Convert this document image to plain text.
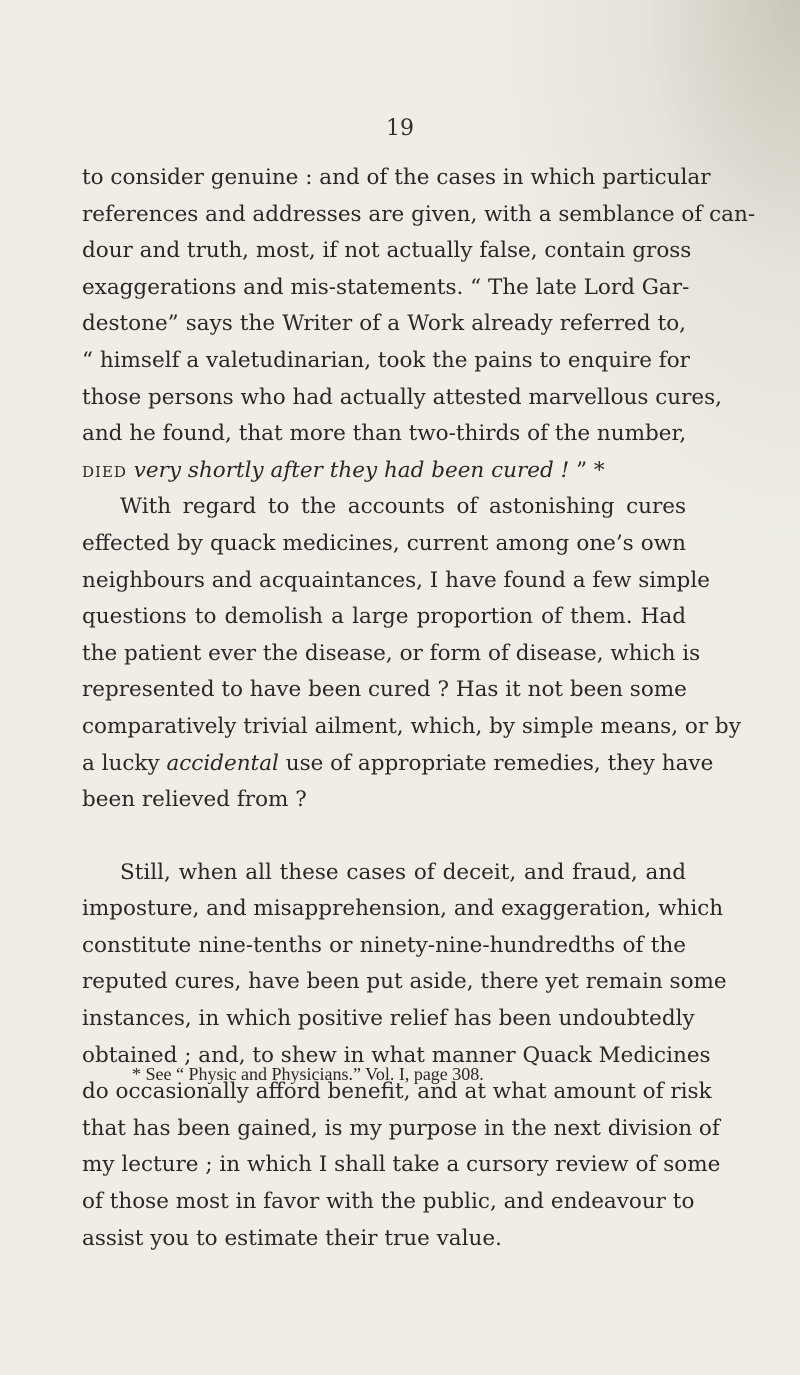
19
to consider genuine : and of the cases in which particular
references and addresses are given, with a semblance of can-
dour and truth, most, if not actually false, contain gross
exaggerations and mis-statements. “ The late Lord Gar-
destone” says the Writer of a Work already referred to,
“ himself a valetudinarian, took the pains to enquire for
those persons who had actually attested marvellous cures,
and he found, that more than two-thirds of the number,
died very shortly after they had been cured ! ” *
With regard to the accounts of astonishing cures
effected by quack medicines, current among one’s own
neighbours and acquaintances, I have found a few simple
questions to demolish a large proportion of them. Had
the patient ever the disease, or form of disease, which is
represented to have been cured ? Has it not been some
comparatively trivial ailment, which, by simple means, or by
a lucky accidental use of appropriate remedies, they have
been relieved from ?
Still, when all these cases of deceit, and fraud, and
imposture, and misapprehension, and exaggeration, which
constitute nine-tenths or ninety-nine-hundredths of the
reputed cures, have been put aside, there yet remain some
instances, in which positive relief has been undoubtedly
obtained ; and, to shew in what manner Quack Medicines
do occasionally afford benefit, and at what amount of risk
that has been gained, is my purpose in the next division of
my lecture ; in which I shall take a cursory review of some
of those most in favor with the public, and endeavour to
assist you to estimate their true value.
* See “ Physic and Physicians.” Vol. I, page 308.
